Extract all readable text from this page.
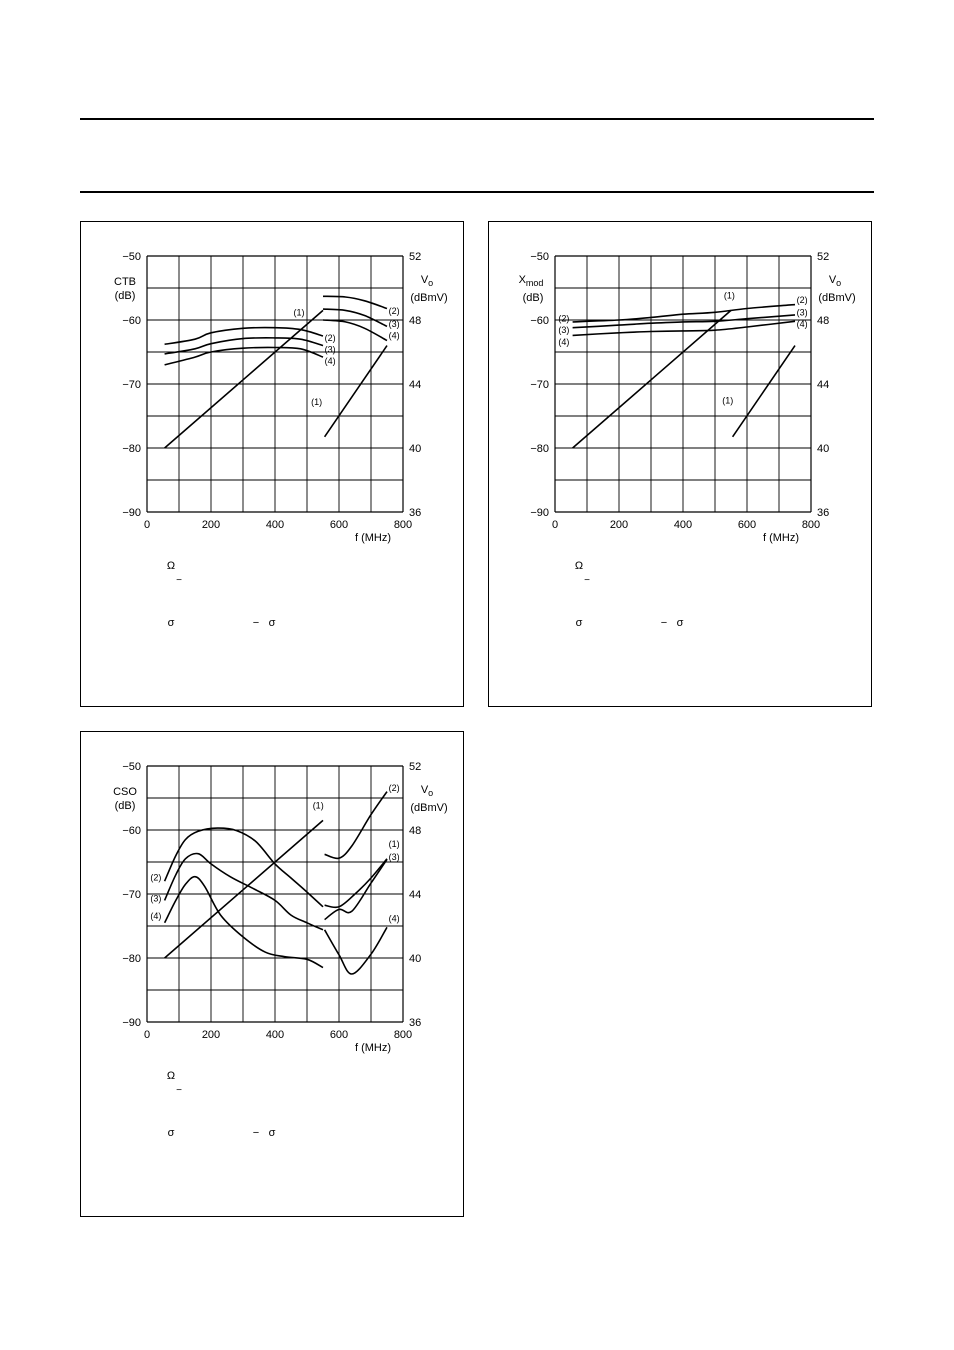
−90
−80
−70
−60
−50
36
40
44
48
52
0	200	400	600	800
f (MHz)
CTB
(dB)
$V_o$
(dBmV)
(1)
(1)
(2)
(3)
(4)
(2)
(3)
(4)
Ω
−
σ	− σ
−90
−80
−70
−60
−50
36
40
44
48
52
0	200	400	600	800
f (MHz)
$X_{mod}$
(dB)
$V_o$
(dBmV)
(1)
(1)
(2)
(3)
(4)
(2)
(3)
(4)
Ω
−
σ	− σ
−90
−80
−70
−60
−50
36
40
44
48
52
0	200	400	600	800
f (MHz)
CSO
(dB)
$V_o$
(dBmV)
(1)
(2)
(3)
(4)
(2)
(1)
(3)
(4)
Ω
−
σ	− σ
